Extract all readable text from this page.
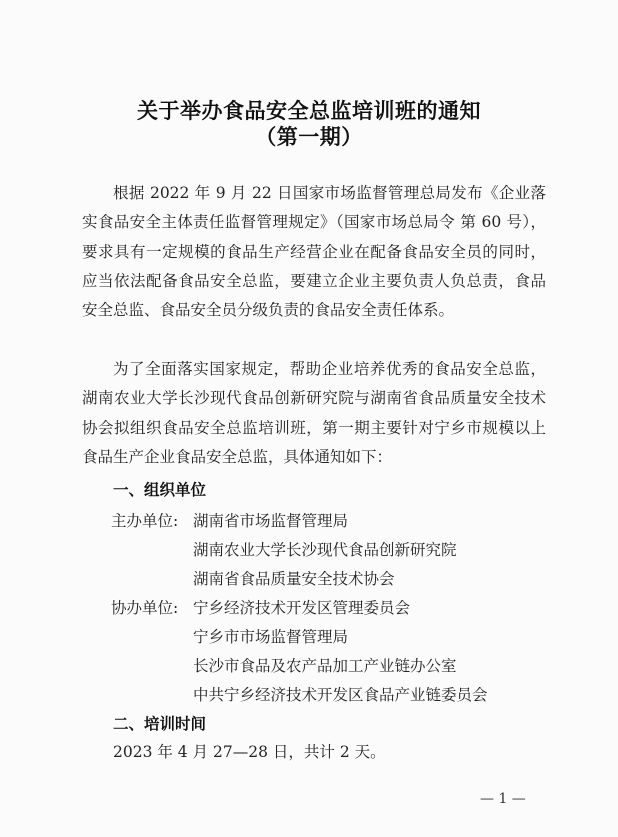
关于举办食品安全总监培训班的通知
（第一期）

根据 2022 年 9 月 22 日国家市场监督管理总局发布《企业落实食品安全主体责任监督管理规定》（国家市场总局令 第 60 号），要求具有一定规模的食品生产经营企业在配备食品安全员的同时，应当依法配备食品安全总监，要建立企业主要负责人负总责，食品安全总监、食品安全员分级负责的食品安全责任体系。

为了全面落实国家规定，帮助企业培养优秀的食品安全总监，湖南农业大学长沙现代食品创新研究院与湖南省食品质量安全技术协会拟组织食品安全总监培训班，第一期主要针对宁乡市规模以上食品生产企业食品安全总监，具体通知如下：

一、组织单位
主办单位: 湖南省市场监督管理局
湖南农业大学长沙现代食品创新研究院
湖南省食品质量安全技术协会
协办单位: 宁乡经济技术开发区管理委员会
宁乡市市场监督管理局
长沙市食品及农产品加工产业链办公室
中共宁乡经济技术开发区食品产业链委员会
二、培训时间
2023 年 4 月 27—28 日，共计 2 天。
— 1 —
